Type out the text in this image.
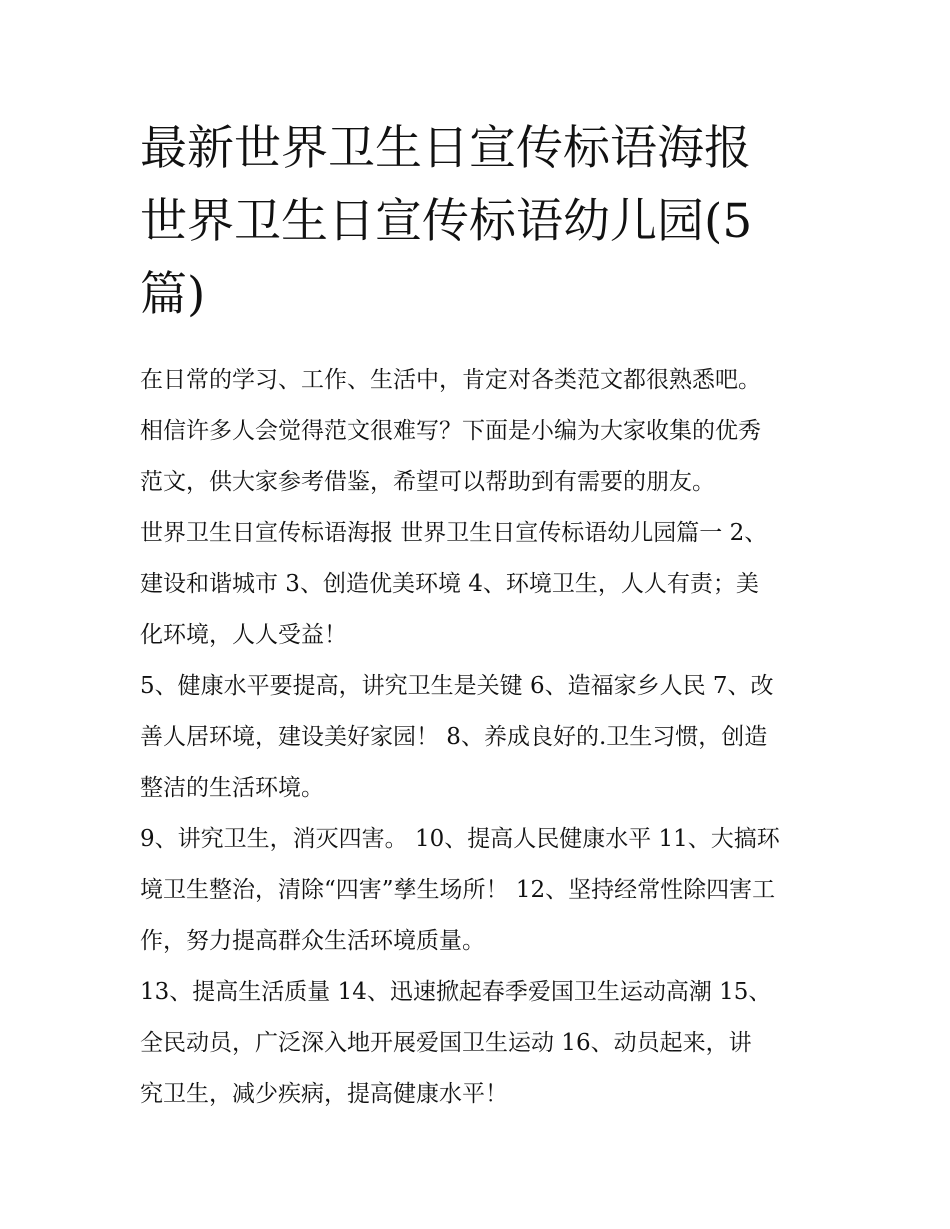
最新世界卫生日宣传标语海报
世界卫生日宣传标语幼儿园(5
篇)

在日常的学习、工作、生活中，肯定对各类范文都很熟悉吧。
相信许多人会觉得范文很难写？下面是小编为大家收集的优秀
范文，供大家参考借鉴，希望可以帮助到有需要的朋友。

世界卫生日宣传标语海报 世界卫生日宣传标语幼儿园篇一 2、
建设和谐城市 3、创造优美环境 4、环境卫生，人人有责；美
化环境，人人受益！

5、健康水平要提高，讲究卫生是关键 6、造福家乡人民 7、改
善人居环境，建设美好家园！ 8、养成良好的.卫生习惯，创造
整洁的生活环境。

9、讲究卫生，消灭四害。 10、提高人民健康水平 11、大搞环
境卫生整治，清除“四害”孳生场所！ 12、坚持经常性除四害工
作，努力提高群众生活环境质量。

13、提高生活质量 14、迅速掀起春季爱国卫生运动高潮 15、
全民动员，广泛深入地开展爱国卫生运动 16、动员起来，讲
究卫生，减少疾病，提高健康水平！
